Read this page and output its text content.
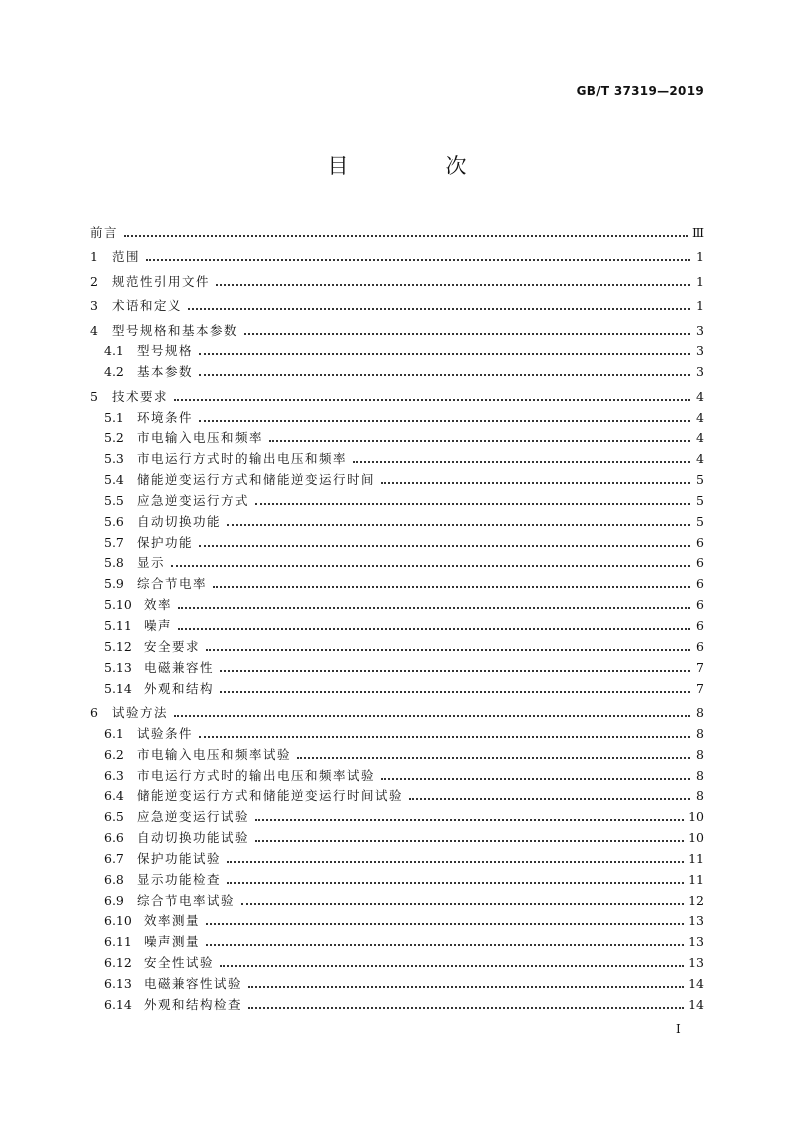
GB/T 37319—2019
目　次
前言	Ⅲ
1	范围	1
2	规范性引用文件	1
3	术语和定义	1
4	型号规格和基本参数	3
4.1	型号规格	3
4.2	基本参数	3
5	技术要求	4
5.1	环境条件	4
5.2	市电输入电压和频率	4
5.3	市电运行方式时的输出电压和频率	4
5.4	储能逆变运行方式和储能逆变运行时间	5
5.5	应急逆变运行方式	5
5.6	自动切换功能	5
5.7	保护功能	6
5.8	显示	6
5.9	综合节电率	6
5.10 效率	6
5.11 噪声	6
5.12 安全要求	6
5.13 电磁兼容性	7
5.14 外观和结构	7
6	试验方法	8
6.1	试验条件	8
6.2	市电输入电压和频率试验	8
6.3	市电运行方式时的输出电压和频率试验	8
6.4	储能逆变运行方式和储能逆变运行时间试验	8
6.5	应急逆变运行试验	10
6.6	自动切换功能试验	10
6.7	保护功能试验	11
6.8	显示功能检查	11
6.9	综合节电率试验	12
6.10 效率测量	13
6.11 噪声测量	13
6.12 安全性试验	13
6.13 电磁兼容性试验	14
6.14 外观和结构检查	14
I
